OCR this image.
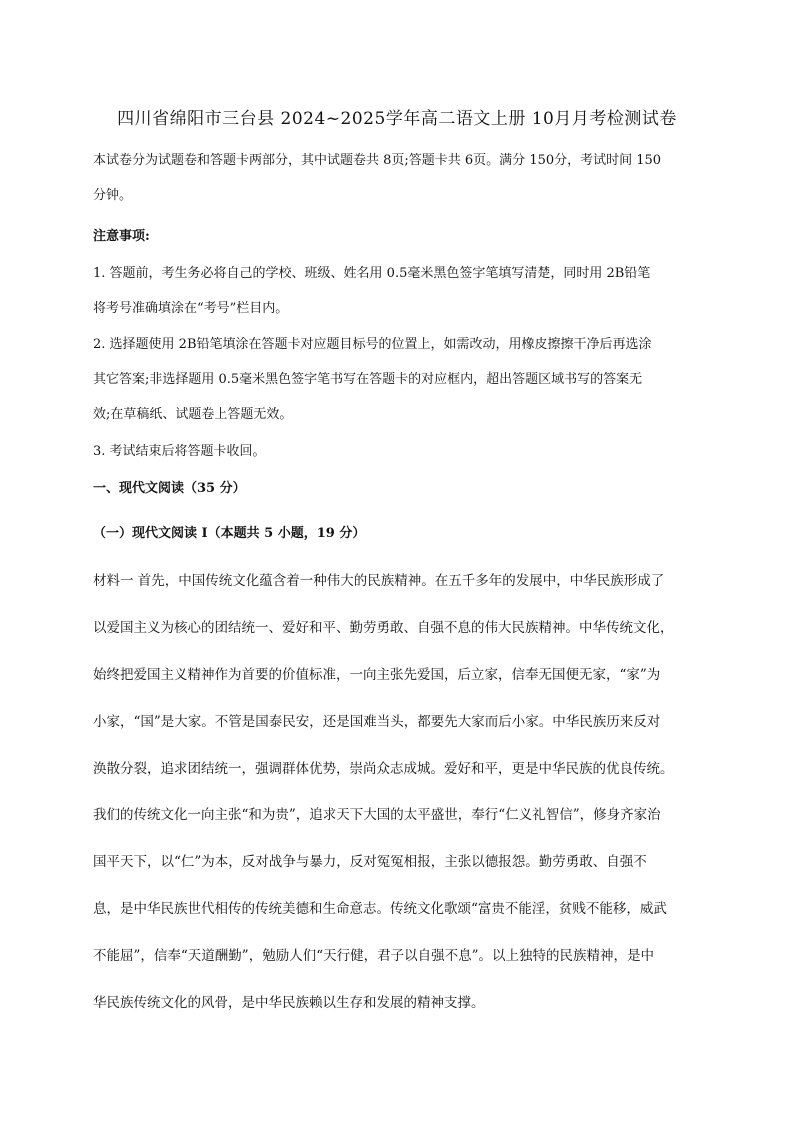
四川省绵阳市三台县 2024~2025学年高二语文上册 10月月考检测试卷
本试卷分为试题卷和答题卡两部分，其中试题卷共 8页;答题卡共 6页。满分 150分，考试时间 150
分钟。
注意事项:
1. 答题前，考生务必将自己的学校、班级、姓名用 0.5毫米黑色签字笔填写清楚，同时用 2B铅笔
将考号准确填涂在“考号”栏目内。
2. 选择题使用 2B铅笔填涂在答题卡对应题目标号的位置上，如需改动，用橡皮擦擦干净后再选涂
其它答案;非选择题用 0.5毫米黑色签字笔书写在答题卡的对应框内，超出答题区域书写的答案无
效;在草稿纸、试题卷上答题无效。
3. 考试结束后将答题卡收回。
一、现代文阅读（35 分）
（一）现代文阅读 I（本题共 5 小题，19 分）
材料一 首先，中国传统文化蕴含着一种伟大的民族精神。在五千多年的发展中，中华民族形成了
以爱国主义为核心的团结统一、爱好和平、勤劳勇敢、自强不息的伟大民族精神。中华传统文化，
始终把爱国主义精神作为首要的价值标准，一向主张先爱国，后立家，信奉无国便无家，“家”为
小家，“国”是大家。不管是国泰民安，还是国难当头，都要先大家而后小家。中华民族历来反对
涣散分裂，追求团结统一，强调群体优势，崇尚众志成城。爱好和平，更是中华民族的优良传统。
我们的传统文化一向主张“和为贵”，追求天下大国的太平盛世，奉行“仁义礼智信”，修身齐家治
国平天下，以“仁”为本，反对战争与暴力，反对冤冤相报，主张以德报怨。勤劳勇敢、自强不
息，是中华民族世代相传的传统美德和生命意志。传统文化歌颂“富贵不能淫，贫贱不能移，威武
不能屈”，信奉“天道酬勤”，勉励人们“天行健，君子以自强不息”。以上独特的民族精神，是中
华民族传统文化的风骨，是中华民族赖以生存和发展的精神支撑。
